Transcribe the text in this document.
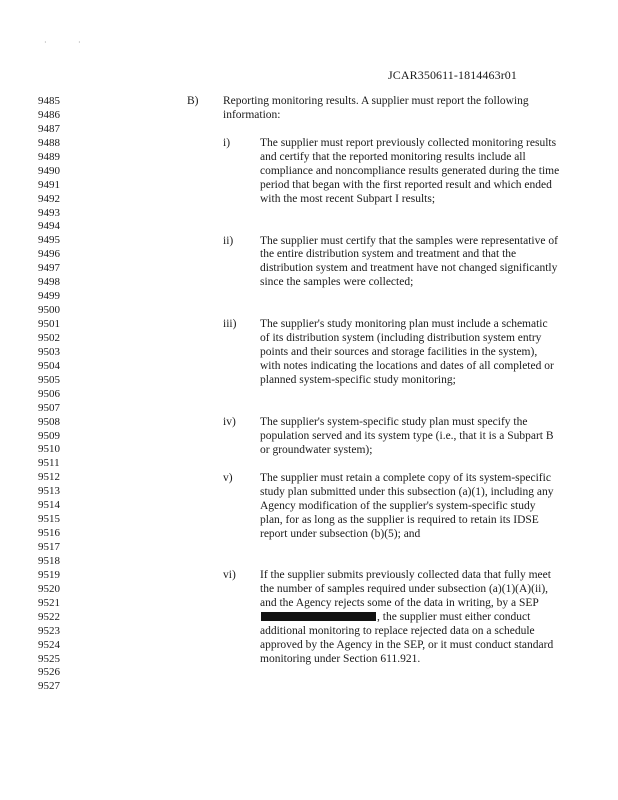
·	·
JCAR350611-1814463r01
9485
9486
9487
9488
9489
9490
9491
9492
9493
9494
9495
9496
9497
9498
9499
9500
9501
9502
9503
9504
9505
9506
9507
9508
9509
9510
9511
9512
9513
9514
9515
9516
9517
9518
9519
9520
9521
9522
9523
9524
9525
9526
9527
B) Reporting monitoring results. A supplier must report the following information:
i)	The supplier must report previously collected monitoring results and certify that the reported monitoring results include all compliance and noncompliance results generated during the time period that began with the first reported result and which ended with the most recent Subpart I results;
ii) The supplier must certify that the samples were representative of the entire distribution system and treatment and that the distribution system and treatment have not changed significantly since the samples were collected;
iii) The supplier's study monitoring plan must include a schematic of its distribution system (including distribution system entry points and their sources and storage facilities in the system), with notes indicating the locations and dates of all completed or planned system-specific study monitoring;
iv) The supplier's system-specific study plan must specify the population served and its system type (i.e., that it is a Subpart B or groundwater system);
v) The supplier must retain a complete copy of its system-specific study plan submitted under this subsection (a)(1), including any Agency modification of the supplier's system-specific study plan, for as long as the supplier is required to retain its IDSE report under subsection (b)(5); and
vi) If the supplier submits previously collected data that fully meet the number of samples required under subsection (a)(1)(A)(ii), and the Agency rejects some of the data in writing, by a SEP , the supplier must either conduct additional monitoring to replace rejected data on a schedule approved by the Agency in the SEP, or it must conduct standard monitoring under Section 611.921.
